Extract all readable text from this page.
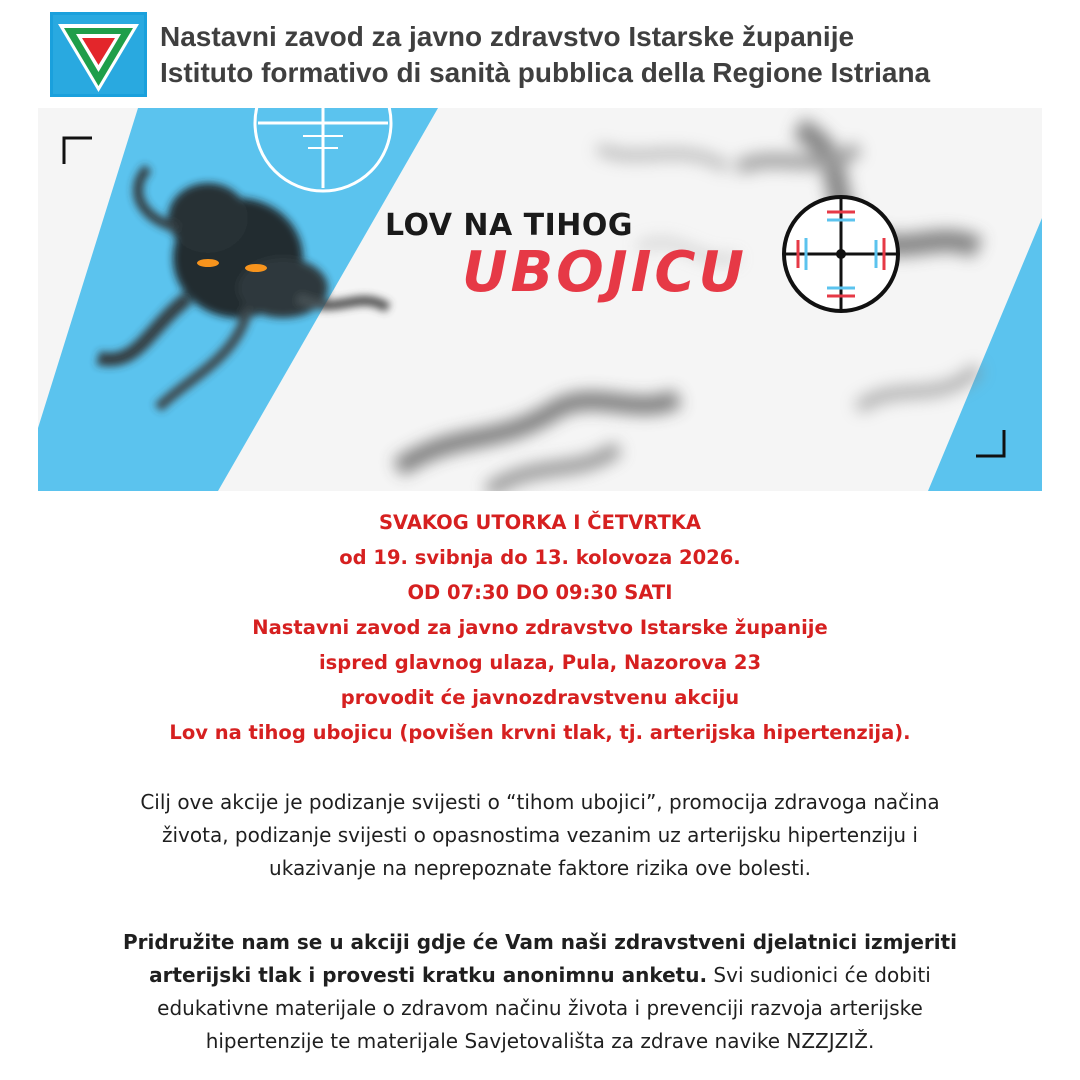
Nastavni zavod za javno zdravstvo Istarske županije
Istituto formativo di sanità pubblica della Regione Istriana
LOV NA TIHOG
UBOJICU
SVAKOG UTORKA I ČETVRTKA
od 19. svibnja do 13. kolovoza 2026.
OD 07:30 DO 09:30 SATI
Nastavni zavod za javno zdravstvo Istarske županije
ispred glavnog ulaza, Pula, Nazorova 23
provodit će javnozdravstvenu akciju
Lov na tihog ubojicu (povišen krvni tlak, tj. arterijska hipertenzija).
Cilj ove akcije je podizanje svijesti o “tihom ubojici”, promocija zdravoga načina
života, podizanje svijesti o opasnostima vezanim uz arterijsku hipertenziju i
ukazivanje na neprepoznate faktore rizika ove bolesti.
Pridružite nam se u akciji gdje će Vam naši zdravstveni djelatnici izmjeriti
arterijski tlak i provesti kratku anonimnu anketu. Svi sudionici će dobiti
edukativne materijale o zdravom načinu života i prevenciji razvoja arterijske
hipertenzije te materijale Savjetovališta za zdrave navike NZZJZIŽ.
